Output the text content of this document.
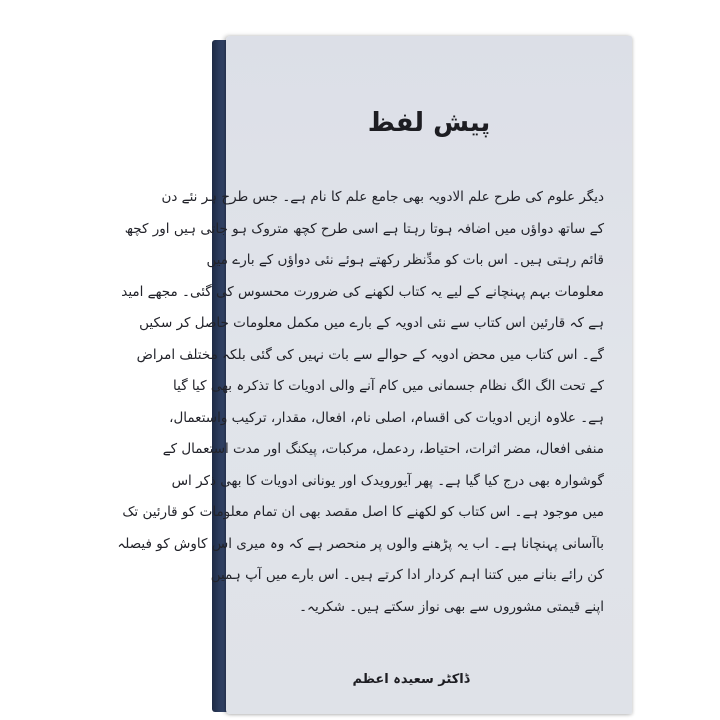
پیش لفظ
دیگر علوم کی طرح علم الادویہ بھی جامع علم کا نام ہے۔ جس طرح ہر نئے دن
کے ساتھ دواؤں میں اضافہ ہوتا رہتا ہے اسی طرح کچھ متروک ہو جاتی ہیں اور کچھ
قائم رہتی ہیں۔ اس بات کو مدِّنظر رکھتے ہوئے نئی دواؤں کے بارے میں
معلومات بہم پہنچانے کے لیے یہ کتاب لکھنے کی ضرورت محسوس کی گئی۔ مجھے امید
ہے کہ قارئین اس کتاب سے نئی ادویہ کے بارے میں مکمل معلومات حاصل کر سکیں
گے۔ اس کتاب میں محض ادویہ کے حوالے سے بات نہیں کی گئی بلکہ مختلف امراض
کے تحت الگ الگ نظام جسمانی میں کام آنے والی ادویات کا تذکرہ بھی کیا گیا
ہے۔ علاوہ ازیں ادویات کی اقسام، اصلی نام، افعال، مقدار، ترکیب واستعمال،
منفی افعال، مضر اثرات، احتیاط، ردعمل، مرکبات، پیکنگ اور مدت استعمال کے
گوشوارہ بھی درج کیا گیا ہے۔ پھر آیورویدک اور یونانی ادویات کا بھی ذکر اس
میں موجود ہے۔ اس کتاب کو لکھنے کا اصل مقصد بھی ان تمام معلومات کو قارئین تک
باآسانی پہنچانا ہے۔ اب یہ پڑھنے والوں پر منحصر ہے کہ وہ میری اس کاوش کو فیصلہ
کن رائے بنانے میں کتنا اہم کردار ادا کرتے ہیں۔ اس بارے میں آپ ہمیں
اپنے قیمتی مشوروں سے بھی نواز سکتے ہیں۔ شکریہ۔
ڈاکٹر سعیدہ اعظم
